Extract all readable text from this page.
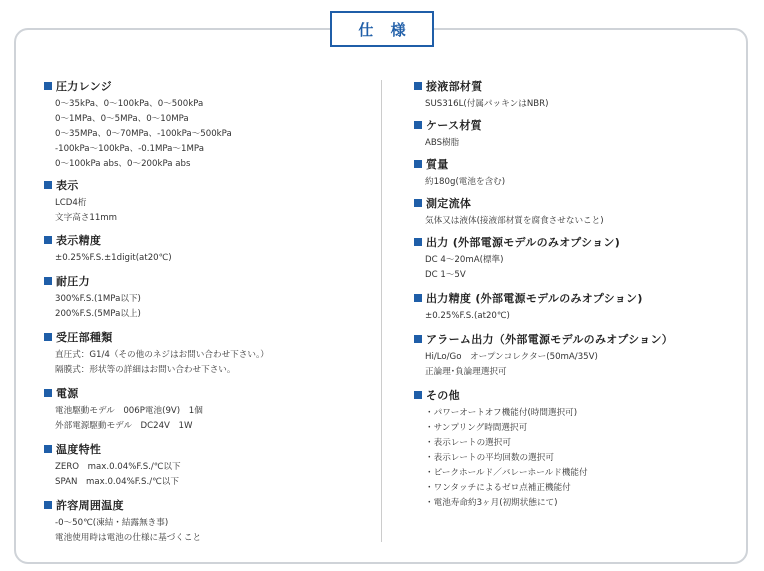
仕 様
圧力レンジ
0～35kPa、0～100kPa、0～500kPa
0～1MPa、0～5MPa、0～10MPa
0～35MPa、0～70MPa、-100kPa～500kPa
-100kPa～100kPa、-0.1MPa～1MPa
0～100kPa abs、0～200kPa abs
表示
LCD4桁
文字高さ11mm
表示精度
±0.25%F.S.±1digit(at20℃)
耐圧力
300%F.S.(1MPa以下)
200%F.S.(5MPa以上)
受圧部種類
直圧式：G1/4（その他のネジはお問い合わせ下さい。）
隔膜式：形状等の詳細はお問い合わせ下さい。
電源
電池駆動モデル　006P電池(9V)　1個
外部電源駆動モデル　DC24V　1W
温度特性
ZERO　max.0.04%F.S./℃以下
SPAN　max.0.04%F.S./℃以下
許容周囲温度
-0～50℃(凍結・結露無き事)
電池使用時は電池の仕様に基づくこと
接液部材質
SUS316L(付属パッキンはNBR)
ケース材質
ABS樹脂
質量
約180g(電池を含む)
測定流体
気体又は液体(接液部材質を腐食させないこと)
出力 (外部電源モデルのみオプション)
DC 4～20mA(標準)
DC 1～5V
出力精度 (外部電源モデルのみオプション)
±0.25%F.S.(at20℃)
アラーム出力（外部電源モデルのみオプション）
Hi/Lo/Go　オープンコレクター(50mA/35V)
正論理･負論理選択可
その他
・パワーオートオフ機能付(時間選択可)
・サンプリング時間選択可
・表示レートの選択可
・表示レートの平均回数の選択可
・ピークホールド／バレーホールド機能付
・ワンタッチによるゼロ点補正機能付
・電池寿命約3ヶ月(初期状態にて)
